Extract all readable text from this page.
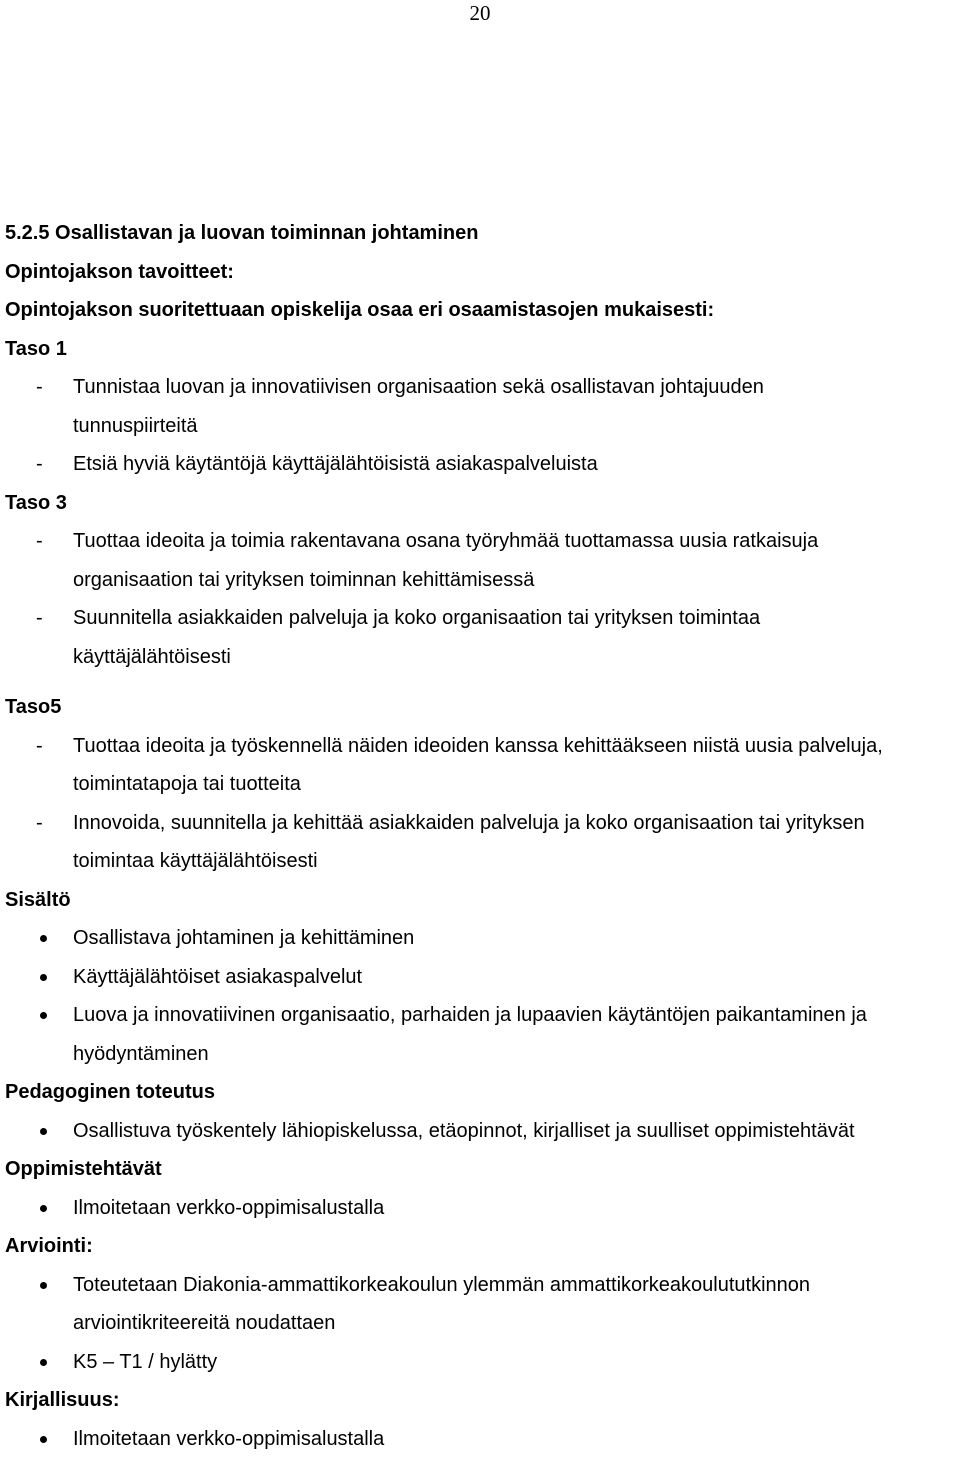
20

5.2.5 Osallistavan ja luovan toiminnan johtaminen

Opintojakson tavoitteet:

Opintojakson suoritettuaan opiskelija osaa eri osaamistasojen mukaisesti:

Taso 1

-	Tunnistaa luovan ja innovatiivisen organisaation sekä osallistavan johtajuuden

tunnuspiirteitä

-	Etsiä hyviä käytäntöjä käyttäjälähtöisistä asiakaspalveluista

Taso 3

-	Tuottaa ideoita ja toimia rakentavana osana työryhmää tuottamassa uusia ratkaisuja

organisaation tai yrityksen toiminnan kehittämisessä

-	Suunnitella asiakkaiden palveluja ja koko organisaation tai yrityksen toimintaa

käyttäjälähtöisesti

Taso5

-	Tuottaa ideoita ja työskennellä näiden ideoiden kanssa kehittääkseen niistä uusia palveluja,

toimintatapoja tai tuotteita

-	Innovoida, suunnitella ja kehittää asiakkaiden palveluja ja koko organisaation tai yrityksen

toimintaa käyttäjälähtöisesti

Sisältö

Osallistava johtaminen ja kehittäminen

Käyttäjälähtöiset asiakaspalvelut

Luova ja innovatiivinen organisaatio, parhaiden ja lupaavien käytäntöjen paikantaminen ja

hyödyntäminen

Pedagoginen toteutus

Osallistuva työskentely lähiopiskelussa, etäopinnot, kirjalliset ja suulliset oppimistehtävät

Oppimistehtävät

Ilmoitetaan verkko-oppimisalustalla

Arviointi:

Toteutetaan Diakonia-ammattikorkeakoulun ylemmän ammattikorkeakoulututkinnon

arviointikriteereitä noudattaen

K5 – T1 / hylätty

Kirjallisuus:

Ilmoitetaan verkko-oppimisalustalla
